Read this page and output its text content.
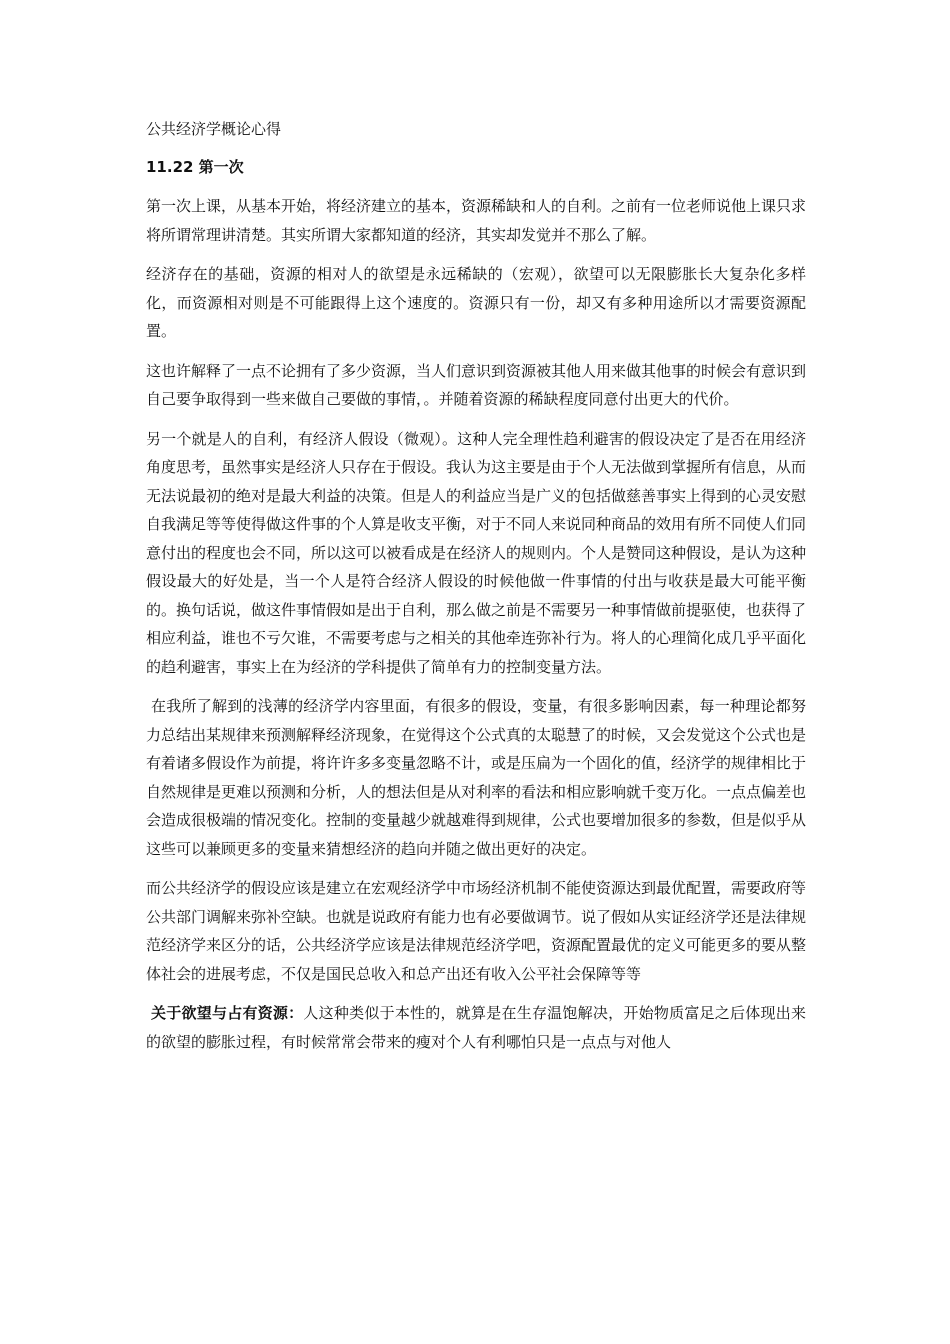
公共经济学概论心得
11.22 第一次

第一次上课，从基本开始，将经济建立的基本，资源稀缺和人的自利。之前有一位老师说他上课只求将所谓常理讲清楚。其实所谓大家都知道的经济，其实却发觉并不那么了解。

经济存在的基础，资源的相对人的欲望是永远稀缺的（宏观），欲望可以无限膨胀长大复杂化多样化，而资源相对则是不可能跟得上这个速度的。资源只有一份，却又有多种用途所以才需要资源配置。

这也许解释了一点不论拥有了多少资源，当人们意识到资源被其他人用来做其他事的时候会有意识到自己要争取得到一些来做自己要做的事情，。并随着资源的稀缺程度同意付出更大的代价。

另一个就是人的自利，有经济人假设（微观）。这种人完全理性趋利避害的假设决定了是否在用经济角度思考，虽然事实是经济人只存在于假设。我认为这主要是由于个人无法做到掌握所有信息，从而无法说最初的绝对是最大利益的决策。但是人的利益应当是广义的包括做慈善事实上得到的心灵安慰自我满足等等使得做这件事的个人算是收支平衡，对于不同人来说同种商品的效用有所不同使人们同意付出的程度也会不同，所以这可以被看成是在经济人的规则内。个人是赞同这种假设，是认为这种假设最大的好处是，当一个人是符合经济人假设的时候他做一件事情的付出与收获是最大可能平衡的。换句话说，做这件事情假如是出于自利，那么做之前是不需要另一种事情做前提驱使，也获得了相应利益，谁也不亏欠谁，不需要考虑与之相关的其他牵连弥补行为。将人的心理简化成几乎平面化的趋利避害，事实上在为经济的学科提供了简单有力的控制变量方法。

在我所了解到的浅薄的经济学内容里面，有很多的假设，变量，有很多影响因素，每一种理论都努力总结出某规律来预测解释经济现象，在觉得这个公式真的太聪慧了的时候，又会发觉这个公式也是有着诸多假设作为前提，将许许多多变量忽略不计，或是压扁为一个固化的值，经济学的规律相比于自然规律是更难以预测和分析，人的想法但是从对利率的看法和相应影响就千变万化。一点点偏差也会造成很极端的情况变化。控制的变量越少就越难得到规律，公式也要增加很多的参数，但是似乎从这些可以兼顾更多的变量来猜想经济的趋向并随之做出更好的决定。

而公共经济学的假设应该是建立在宏观经济学中市场经济机制不能使资源达到最优配置，需要政府等公共部门调解来弥补空缺。也就是说政府有能力也有必要做调节。说了假如从实证经济学还是法律规范经济学来区分的话，公共经济学应该是法律规范经济学吧，资源配置最优的定义可能更多的要从整体社会的进展考虑，不仅是国民总收入和总产出还有收入公平社会保障等等

关于欲望与占有资源：人这种类似于本性的，就算是在生存温饱解决，开始物质富足之后体现出来的欲望的膨胀过程，有时候常常会带来的瘦对个人有利哪怕只是一点点与对他人
